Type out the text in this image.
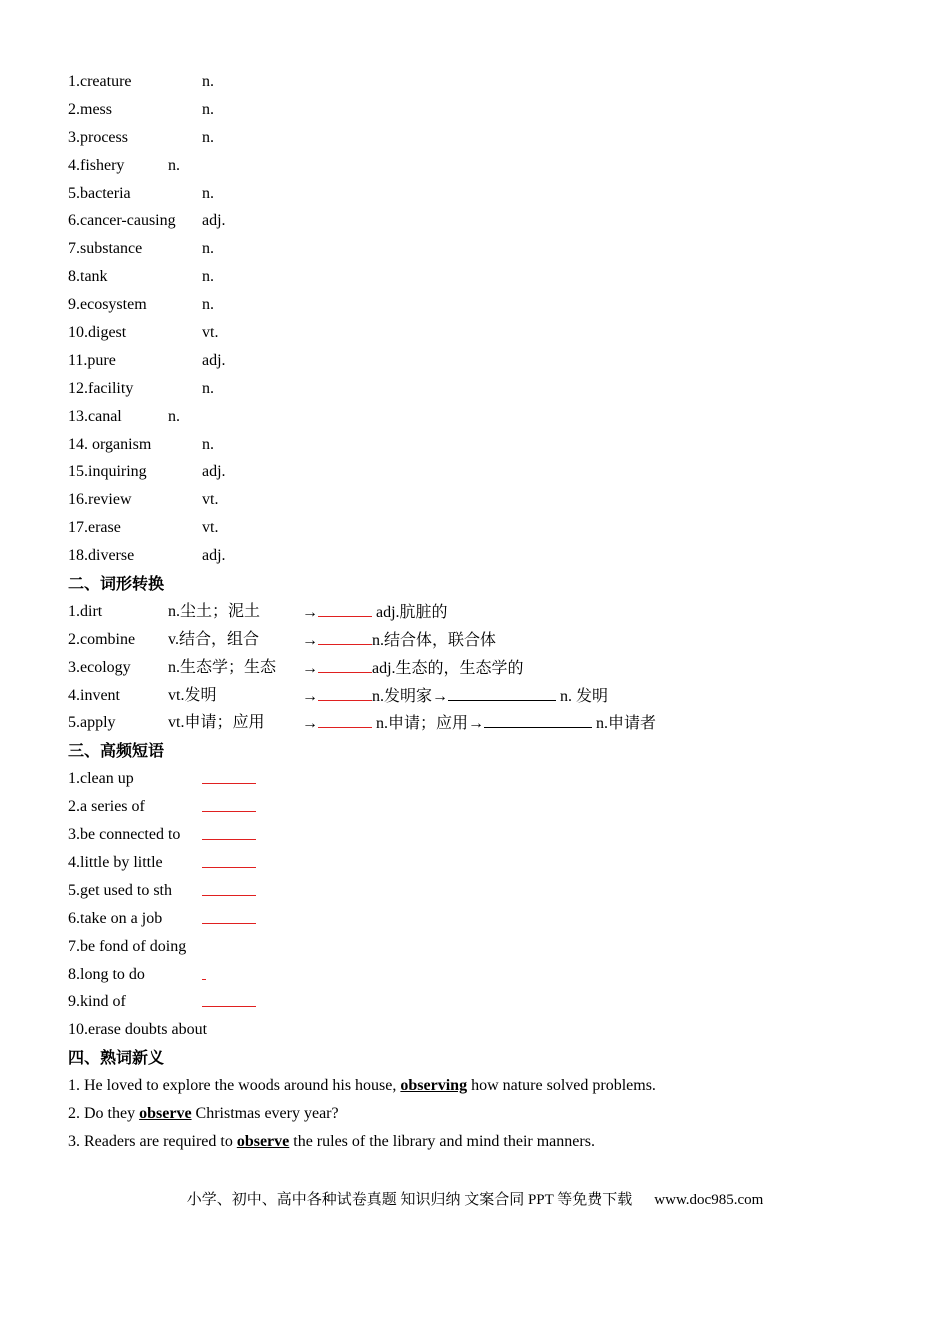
1.creature	n.
2.mess	n.
3.process	n.
4.fishery	n.
5.bacteria	n.
6.cancer-causing adj.
7.substance	n.
8.tank	n.
9.ecosystem	n.
10.digest	vt.
11.pure	adj.
12.facility	n.
13.canal	n.
14. organism	n.
15.inquiring	adj.
16.review	vt.
17.erase	vt.
18.diverse	adj.
二、词形转换
1.dirt	n.尘土；泥土	→	adj.肮脏的
2.combine v.结合，组合	→	n.结合体，联合体
3.ecology n.生态学；生态 →	adj.生态的，生态学的
4.invent	vt.发明	→	n.发明家→	n. 发明
5.apply	vt.申请；应用 →	n.申请；应用→	n.申请者
三、高频短语
1.clean up
2.a series of
3.be connected to
4.little by little
5.get used to sth
6.take on a job
7.be fond of doing
8.long to do
9.kind of
10.erase doubts about
四、熟词新义
1. He loved to explore the woods around his house, observing how nature solved problems.
2. Do they observe Christmas every year?
3. Readers are required to observe the rules of the library and mind their manners.
小学、初中、高中各种试卷真题 知识归纳 文案合同 PPT 等免费下载 www.doc985.com
